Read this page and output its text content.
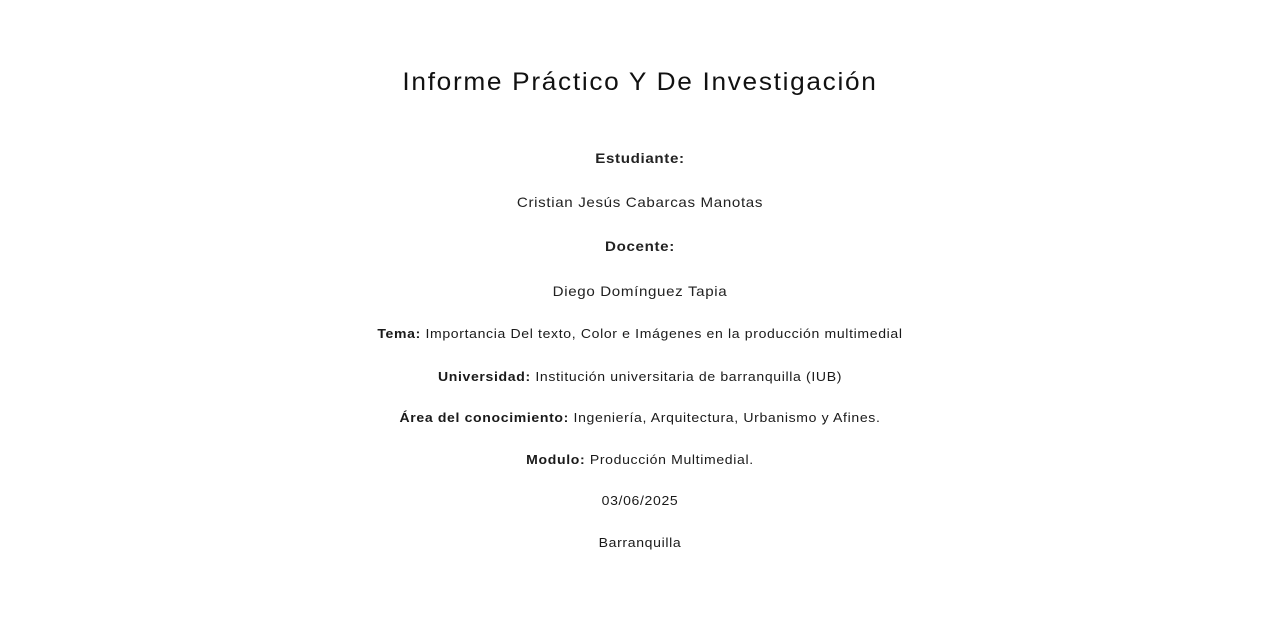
Informe Práctico Y De Investigación
Estudiante:
Cristian Jesús Cabarcas Manotas
Docente:
Diego Domínguez Tapia
Tema: Importancia Del texto, Color e Imágenes en la producción multimedial
Universidad: Institución universitaria de barranquilla (IUB)
Área del conocimiento: Ingeniería, Arquitectura, Urbanismo y Afines.
Modulo: Producción Multimedial.
03/06/2025
Barranquilla
